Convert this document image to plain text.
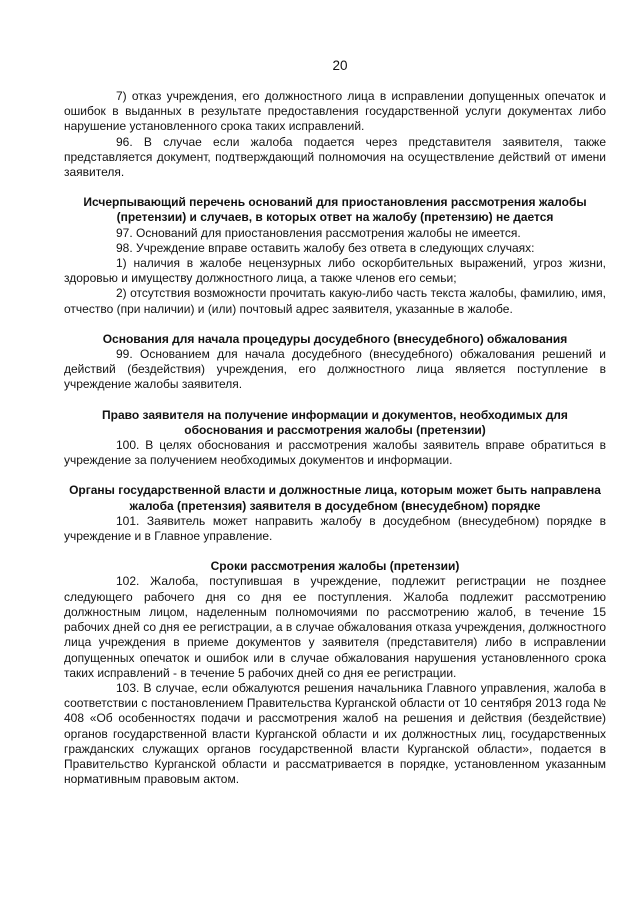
20

7) отказ учреждения, его должностного лица в исправлении допущенных опечаток и ошибок в выданных в результате предоставления государственной услуги документах либо нарушение установленного срока таких исправлений.

96. В случае если жалоба подается через представителя заявителя, также представляется документ, подтверждающий полномочия на осуществление действий от имени заявителя.

Исчерпывающий перечень оснований для приостановления рассмотрения жалобы (претензии) и случаев, в которых ответ на жалобу (претензию) не дается

97. Оснований для приостановления рассмотрения жалобы не имеется.

98. Учреждение вправе оставить жалобу без ответа в следующих случаях:

1) наличия в жалобе нецензурных либо оскорбительных выражений, угроз жизни, здоровью и имуществу должностного лица, а также членов его семьи;

2) отсутствия возможности прочитать какую-либо часть текста жалобы, фамилию, имя, отчество (при наличии) и (или) почтовый адрес заявителя, указанные в жалобе.

Основания для начала процедуры досудебного (внесудебного) обжалования

99. Основанием для начала досудебного (внесудебного) обжалования решений и действий (бездействия) учреждения, его должностного лица является поступление в учреждение жалобы заявителя.

Право заявителя на получение информации и документов, необходимых для обоснования и рассмотрения жалобы (претензии)

100. В целях обоснования и рассмотрения жалобы заявитель вправе обратиться в учреждение за получением необходимых документов и информации.

Органы государственной власти и должностные лица, которым может быть направлена жалоба (претензия) заявителя в досудебном (внесудебном) порядке

101. Заявитель может направить жалобу в досудебном (внесудебном) порядке в учреждение и в Главное управление.

Сроки рассмотрения жалобы (претензии)

102. Жалоба, поступившая в учреждение, подлежит регистрации не позднее следующего рабочего дня со дня ее поступления. Жалоба подлежит рассмотрению должностным лицом, наделенным полномочиями по рассмотрению жалоб, в течение 15 рабочих дней со дня ее регистрации, а в случае обжалования отказа учреждения, должностного лица учреждения в приеме документов у заявителя (представителя) либо в исправлении допущенных опечаток и ошибок или в случае обжалования нарушения установленного срока таких исправлений - в течение 5 рабочих дней со дня ее регистрации.

103. В случае, если обжалуются решения начальника Главного управления, жалоба в соответствии с постановлением Правительства Курганской области от 10 сентября 2013 года № 408 «Об особенностях подачи и рассмотрения жалоб на решения и действия (бездействие) органов государственной власти Курганской области и их должностных лиц, государственных гражданских служащих органов государственной власти Курганской области», подается в Правительство Курганской области и рассматривается в порядке, установленном указанным нормативным правовым актом.
